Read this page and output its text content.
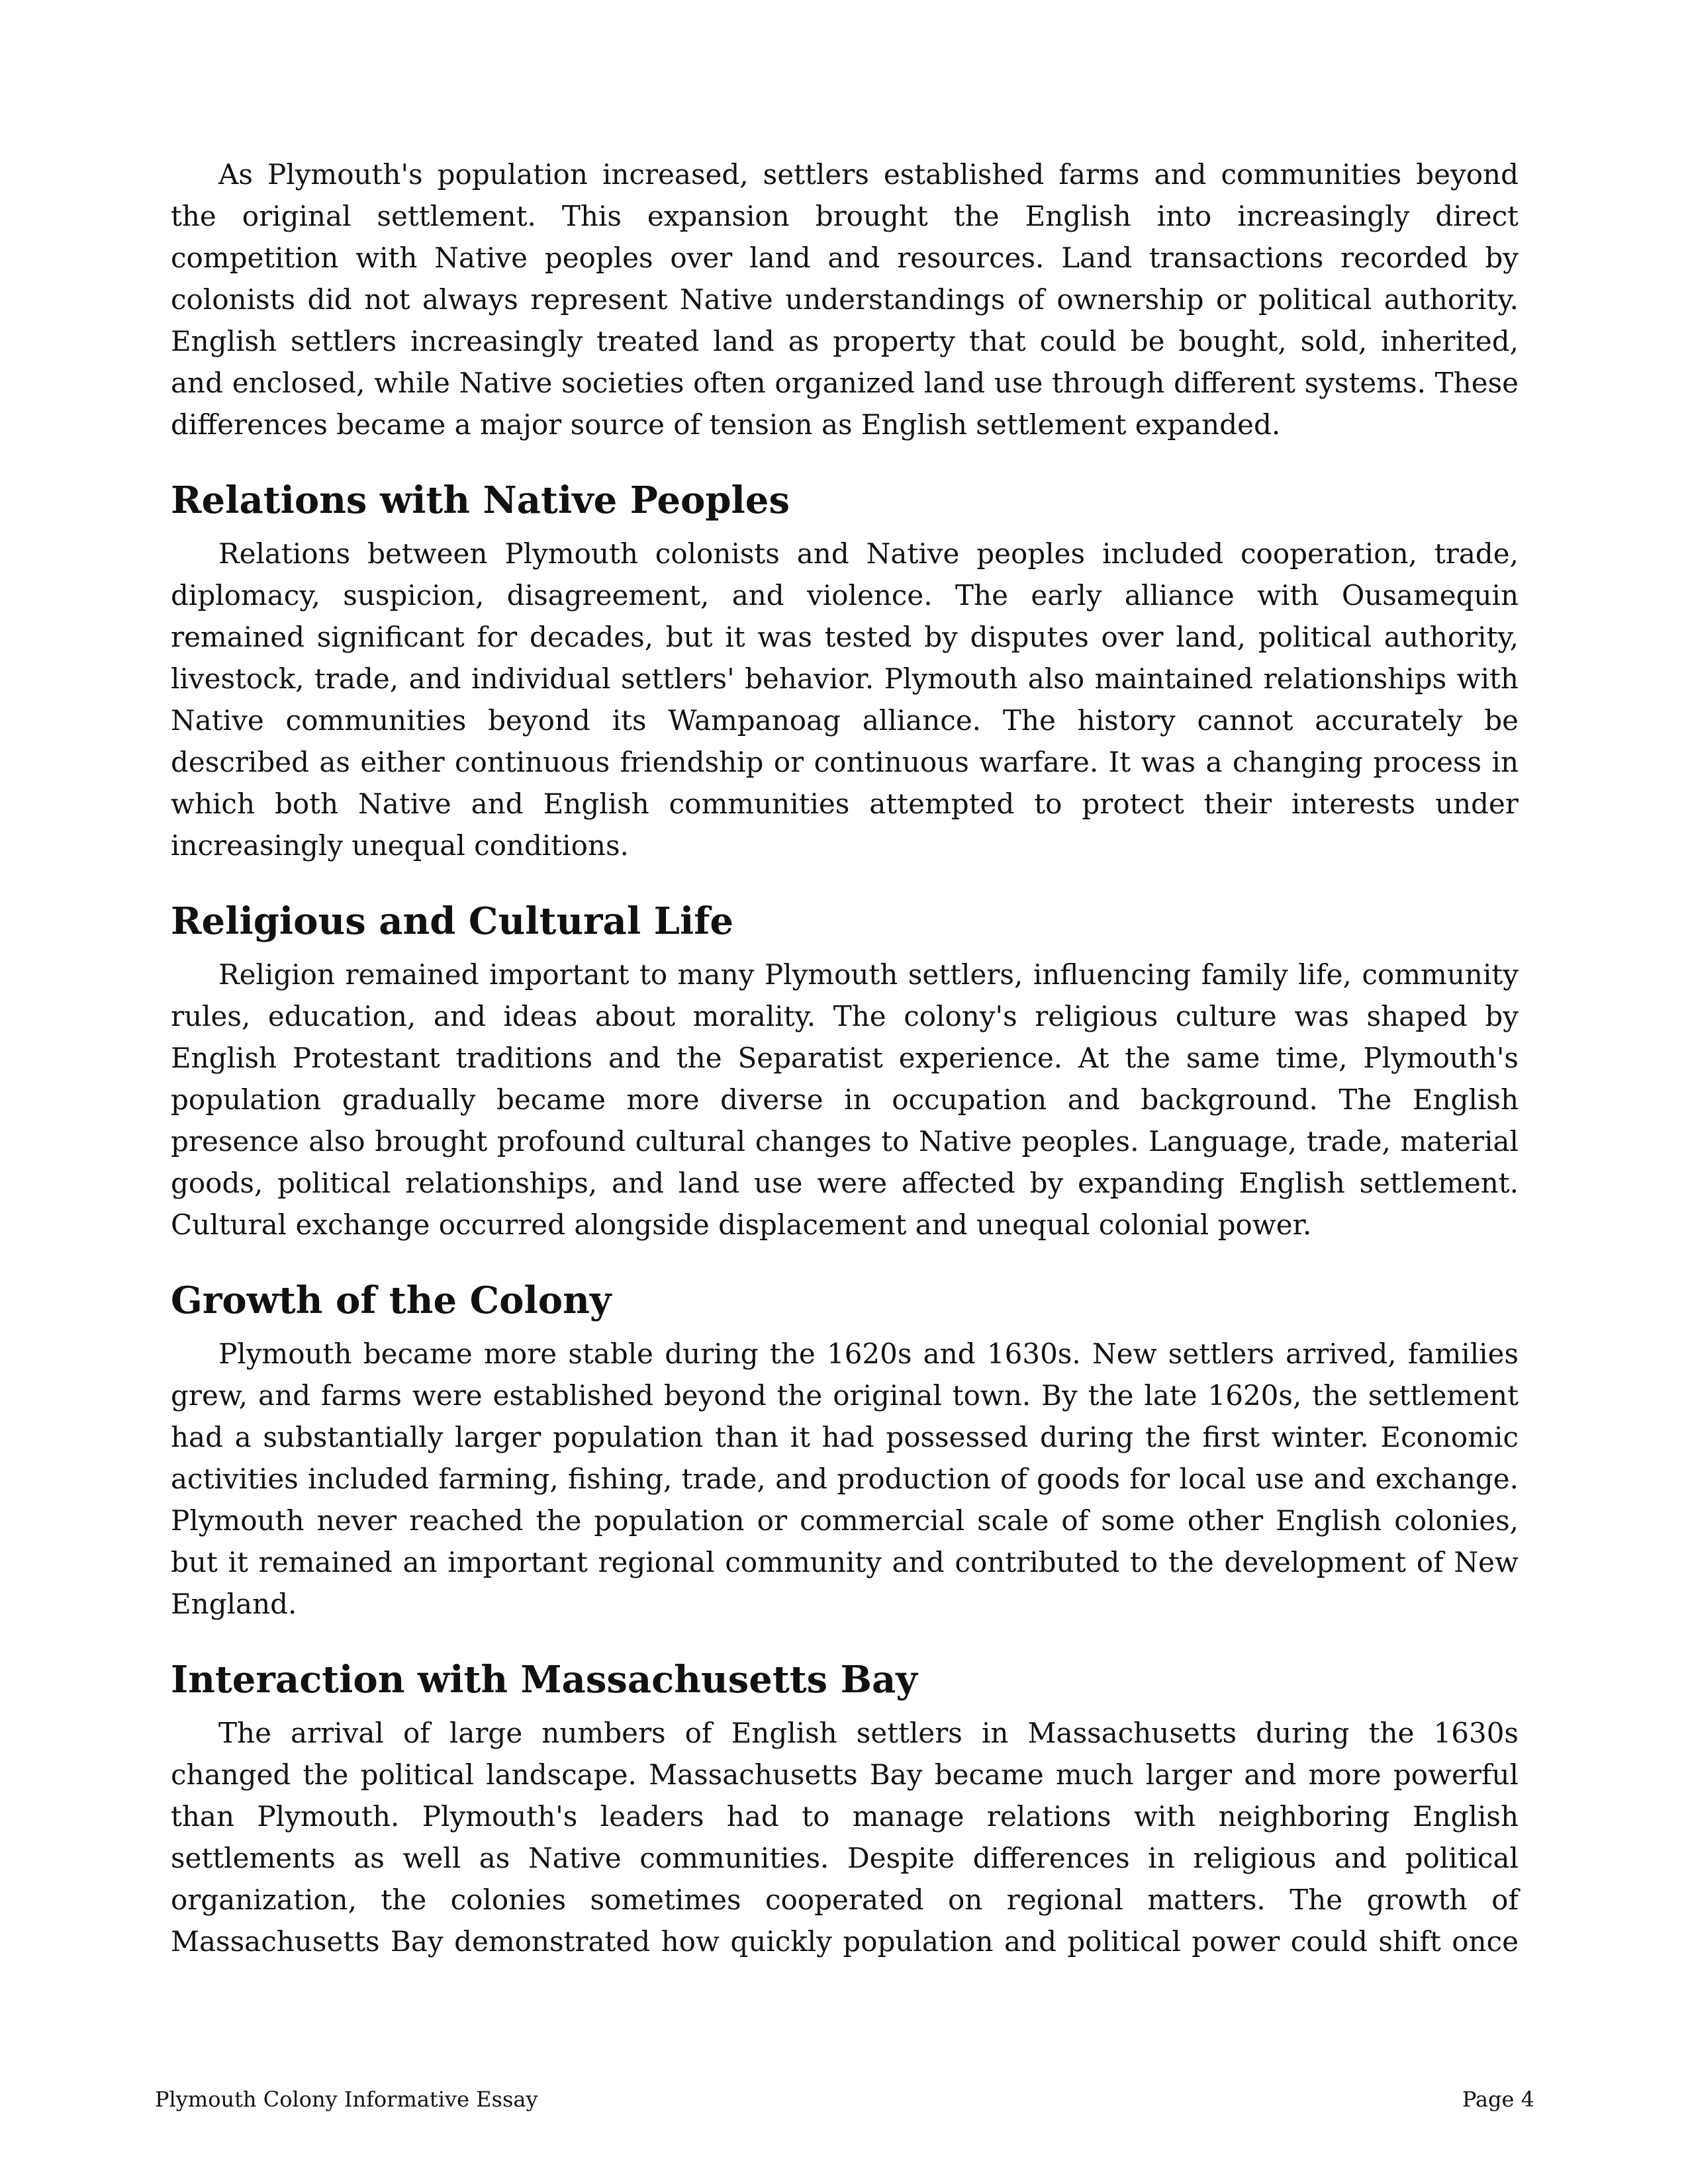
As Plymouth's population increased, settlers established farms and communities beyond the original settlement. This expansion brought the English into increasingly direct competition with Native peoples over land and resources. Land transactions recorded by colonists did not always represent Native understandings of ownership or political authority. English settlers increasingly treated land as property that could be bought, sold, inherited, and enclosed, while Native societies often organized land use through different systems. These differences became a major source of tension as English settlement expanded.

Relations with Native Peoples

Relations between Plymouth colonists and Native peoples included cooperation, trade, diplomacy, suspicion, disagreement, and violence. The early alliance with Ousamequin remained significant for decades, but it was tested by disputes over land, political authority, livestock, trade, and individual settlers' behavior. Plymouth also maintained relationships with Native communities beyond its Wampanoag alliance. The history cannot accurately be described as either continuous friendship or continuous warfare. It was a changing process in which both Native and English communities attempted to protect their interests under increasingly unequal conditions.

Religious and Cultural Life

Religion remained important to many Plymouth settlers, influencing family life, community rules, education, and ideas about morality. The colony's religious culture was shaped by English Protestant traditions and the Separatist experience. At the same time, Plymouth's population gradually became more diverse in occupation and background. The English presence also brought profound cultural changes to Native peoples. Language, trade, material goods, political relationships, and land use were affected by expanding English settlement. Cultural exchange occurred alongside displacement and unequal colonial power.

Growth of the Colony

Plymouth became more stable during the 1620s and 1630s. New settlers arrived, families grew, and farms were established beyond the original town. By the late 1620s, the settlement had a substantially larger population than it had possessed during the first winter. Economic activities included farming, fishing, trade, and production of goods for local use and exchange. Plymouth never reached the population or commercial scale of some other English colonies, but it remained an important regional community and contributed to the development of New England.

Interaction with Massachusetts Bay

The arrival of large numbers of English settlers in Massachusetts during the 1630s changed the political landscape. Massachusetts Bay became much larger and more powerful than Plymouth. Plymouth's leaders had to manage relations with neighboring English settlements as well as Native communities. Despite differences in religious and political organization, the colonies sometimes cooperated on regional matters. The growth of Massachusetts Bay demonstrated how quickly population and political power could shift once

Plymouth Colony Informative Essay	Page 4
